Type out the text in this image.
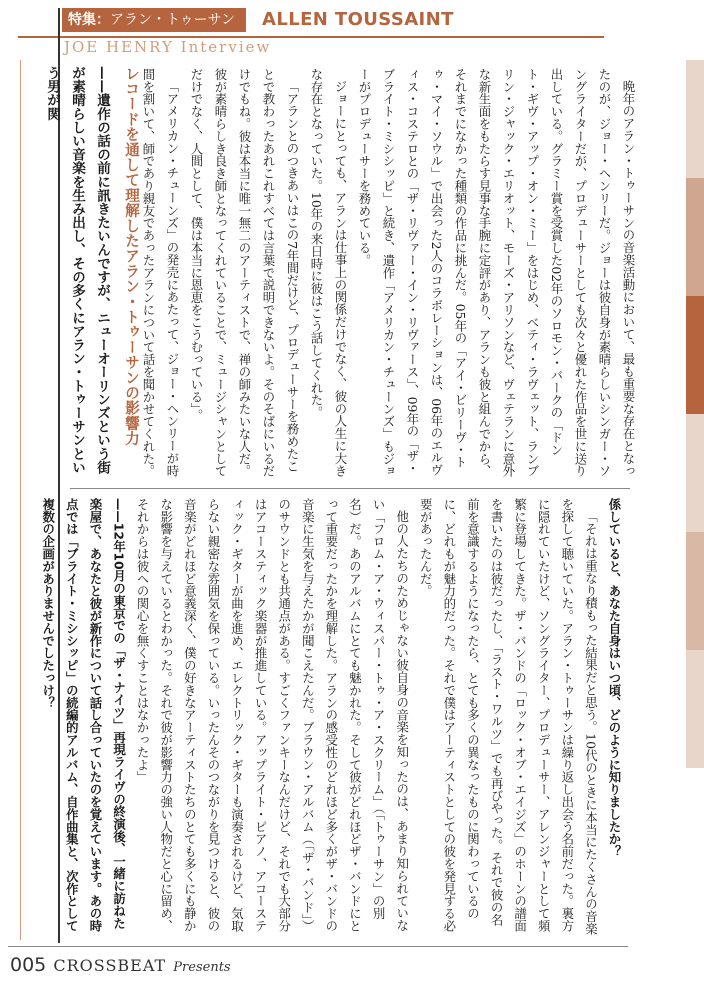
特集：アラン・トゥーサン	ALLEN TOUSSAINT
JOE HENRY Interview

晩年のアラン・トゥーサンの音楽活動において、最も重要な存在となったのが、ジョー・ヘンリーだ。ジョーは彼自身が素晴らしいシンガー・ソングライターだが、プロデューサーとしても次々と優れた作品を世に送り出している。グラミー賞を受賞した02年のソロモン・バークの「ドント・ギヴ・アップ・オン・ミー」をはじめ、ベティ・ラヴェット、ランブリン・ジャック・エリオット、モーズ・アリソンなど、ヴェテランに意外な新生面をもたらす見事な手腕に定評があり、アランも彼と組んでから、それまでになかった種類の作品に挑んだ。05年の「アイ・ビリーヴ・トゥ・マイ・ソウル」で出会った2人のコラボレーションは、06年のエルヴィス・コステロとの「ザ・リヴァー・イン・リヴァース」、09年の「ザ・ブライト・ミシシッピ」と続き、遺作「アメリカン・チューンズ」もジョーがプロデューサーを務めている。

ジョーにとっても、アランは仕事上の関係だけでなく、彼の人生に大きな存在となっていた。10年の来日時に彼はこう話してくれた。

「アランとのつきあいはこの7年間だけど、プロデューサーを務めたことで教わったあれこれすべては言葉で説明できないよ。そのそばにいるだけでもね。彼は本当に唯一無二のアーティストで、禅の師みたいな人だ。彼が素晴らしき良き師となってくれていることで、ミュージシャンとしてだけでなく、人間として、僕は本当に恩恵をこうむっている」。

「アメリカン・チューンズ」の発売にあたって、ジョー・ヘンリーが時間を割いて、師であり親友であったアランについて話を聞かせてくれた。

レコードを通して理解したアラン・トゥーサンの影響力

——遺作の話の前に訊きたいんですが、ニューオーリンズという街が素晴らしい音楽を生み出し、その多くにアラン・トゥーサンという男が関

係していると、あなた自身はいつ頃、どのように知りましたか？

「それは重なり積もった結果だと思う。10代のときに本当にたくさんの音楽を探して聴いていた。アラン・トゥーサンは繰り返し出会う名前だった。裏方に隠れていたけど、ソングライター、プロデューサー、アレンジャーとして頻繁に登場してきた。ザ・バンドの「ロック・オブ・エイジズ」のホーンの譜面を書いたのは彼だったし、「ラスト・ワルツ」でも再びやった。それで彼の名前を意識するようになったら、とても多くの異なったものに関わっているのに、どれもが魅力的だった。それで僕はアーティストとしての彼を発見する必要があったんだ。

他の人たちのためじゃない彼自身の音楽を知ったのは、あまり知られていない「フロム・ア・ウィスパー・トゥ・ア・スクリーム」（「トゥーサン」の別名）だ。あのアルバムにとても魅かれた。そして彼がどれほどザ・バンドにとって重要だったかを理解した。アランの感受性のどれほど多くがザ・バンドの音楽に生気を与えたかが聞こえたんだ。ブラウン・アルバム（「ザ・バンド」）のサウンドとも共通点がある。すごくファンキーなんだけど、それでも大部分はアコースティック楽器が推進している。アップライト・ピアノ、アコースティック・ギターが曲を進め、エレクトリック・ギターも演奏されるけど、気取らない親密な雰囲気を保っている。いったんそのつながりを見つけると、彼の音楽がどれほど意義深く、僕の好きなアーティストたちのとても多くにも静かな影響を与えているとわかった。それで彼が影響力の強い人物だと心に留め、それからは彼への関心を無くすことはなかったよ」

——12年10月の東京での「ザ・ナイツ」再現ライヴの終演後、一緒に訪ねた楽屋で、あなたと彼が新作について話し合っていたのを覚えています。あの時点では「ブライト・ミシシッピ」の続編的アルバム、自作曲集と、次作として複数の企画がありませんでしたっけ？

005 CROSSBEAT Presents
